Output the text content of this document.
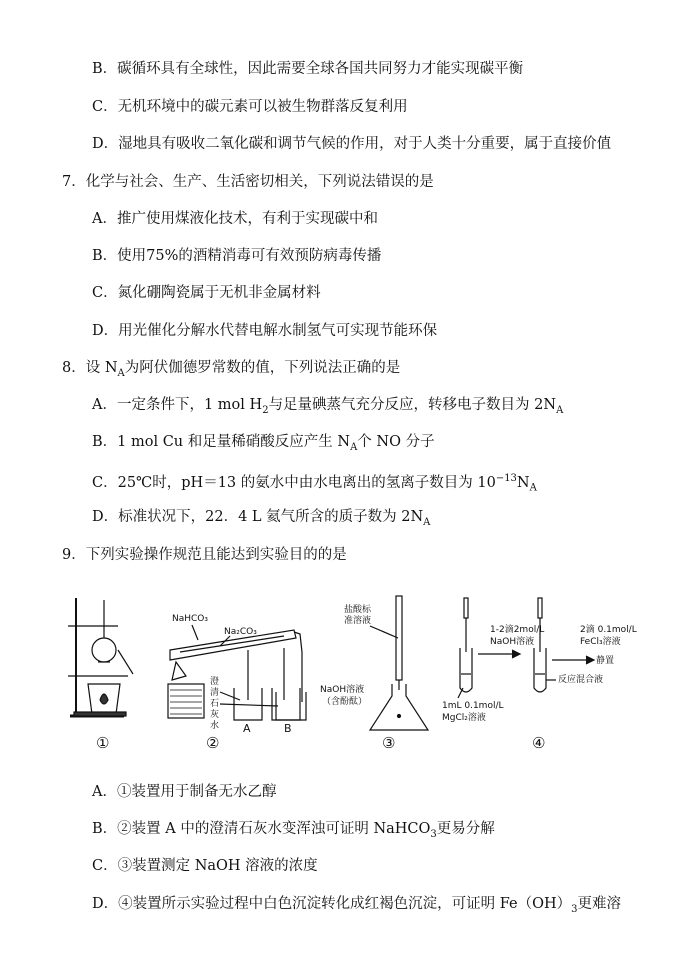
B．碳循环具有全球性，因此需要全球各国共同努力才能实现碳平衡
C．无机环境中的碳元素可以被生物群落反复利用
D．湿地具有吸收二氧化碳和调节气候的作用，对于人类十分重要，属于直接价值
7．化学与社会、生产、生活密切相关，下列说法错误的是
A．推广使用煤液化技术，有利于实现碳中和
B．使用75%的酒精消毒可有效预防病毒传播
C．氮化硼陶瓷属于无机非金属材料
D．用光催化分解水代替电解水制氢气可实现节能环保
8．设 $N_A$为阿伏伽德罗常数的值，下列说法正确的是
A．一定条件下，1 mol $H_2$与足量碘蒸气充分反应，转移电子数目为 $2N_A$
B．1 mol Cu 和足量稀硝酸反应产生 $N_A$个 NO 分子
C．25℃时，pH＝13 的氨水中由水电离出的氢离子数目为 $10^{-13}N_A$
D．标准状况下，22．4 L 氦气所含的质子数为 $2N_A$
9．下列实验操作规范且能达到实验目的的是
①
NaHCO₃
Na₂CO₃
澄
清
石
灰
水 A	B
②
盐酸标
准溶液
NaOH溶液
（含酚酞）
③
1-2滴2mol/L
NaOH溶液
2滴 0.1mol/L
FeCl₃溶液
静置
反应混合液
1mL 0.1mol/L
MgCl₂溶液
④
A．①装置用于制备无水乙醇
B．②装置 A 中的澄清石灰水变浑浊可证明 NaHCO$_3$更易分解
C．③装置测定 NaOH 溶液的浓度
D．④装置所示实验过程中白色沉淀转化成红褐色沉淀，可证明 $Fe(OH)_3$更难溶
